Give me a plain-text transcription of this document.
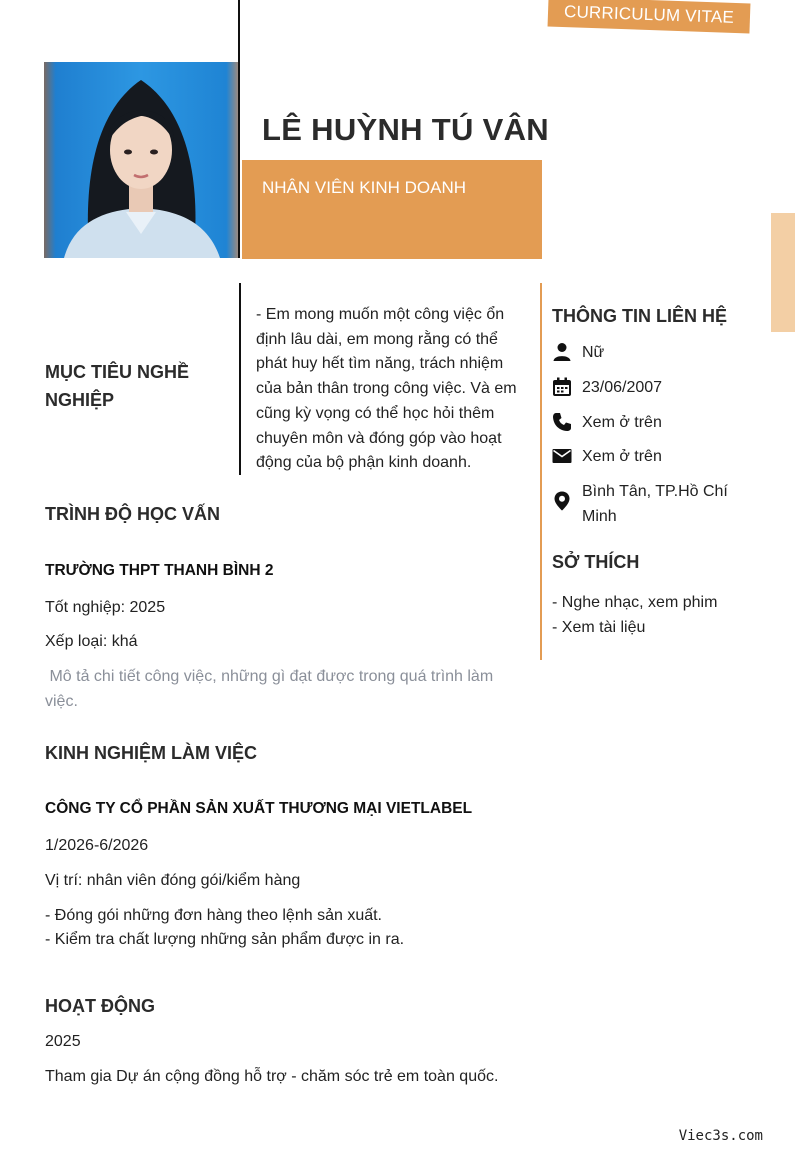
CURRICULUM VITAE
LÊ HUỲNH TÚ VÂN
NHÂN VIÊN KINH DOANH
MỤC TIÊU NGHỀ NGHIỆP
- Em mong muốn một công việc ổn định lâu dài, em mong rằng có thể phát huy hết tìm năng, trách nhiệm của bản thân trong công việc. Và em cũng kỳ vọng có thể học hỏi thêm chuyên môn và đóng góp vào hoạt động của bộ phận kinh doanh.
THÔNG TIN LIÊN HỆ
Nữ
23/06/2007
Xem ở trên
Xem ở trên
Bình Tân, TP.Hồ Chí Minh
SỞ THÍCH
- Nghe nhạc, xem phim
- Xem tài liệu
TRÌNH ĐỘ HỌC VẤN
TRƯỜNG THPT THANH BÌNH 2
Tốt nghiệp: 2025
Xếp loại: khá
Mô tả chi tiết công việc, những gì đạt được trong quá trình làm việc.
KINH NGHIỆM LÀM VIỆC
CÔNG TY CỔ PHẦN SẢN XUẤT THƯƠNG MẠI VIETLABEL
1/2026-6/2026
Vị trí: nhân viên đóng gói/kiểm hàng
- Đóng gói những đơn hàng theo lệnh sản xuất.
- Kiểm tra chất lượng những sản phẩm được in ra.
HOẠT ĐỘNG
2025
Tham gia Dự án cộng đồng hỗ trợ - chăm sóc trẻ em toàn quốc.
Viec3s.com
